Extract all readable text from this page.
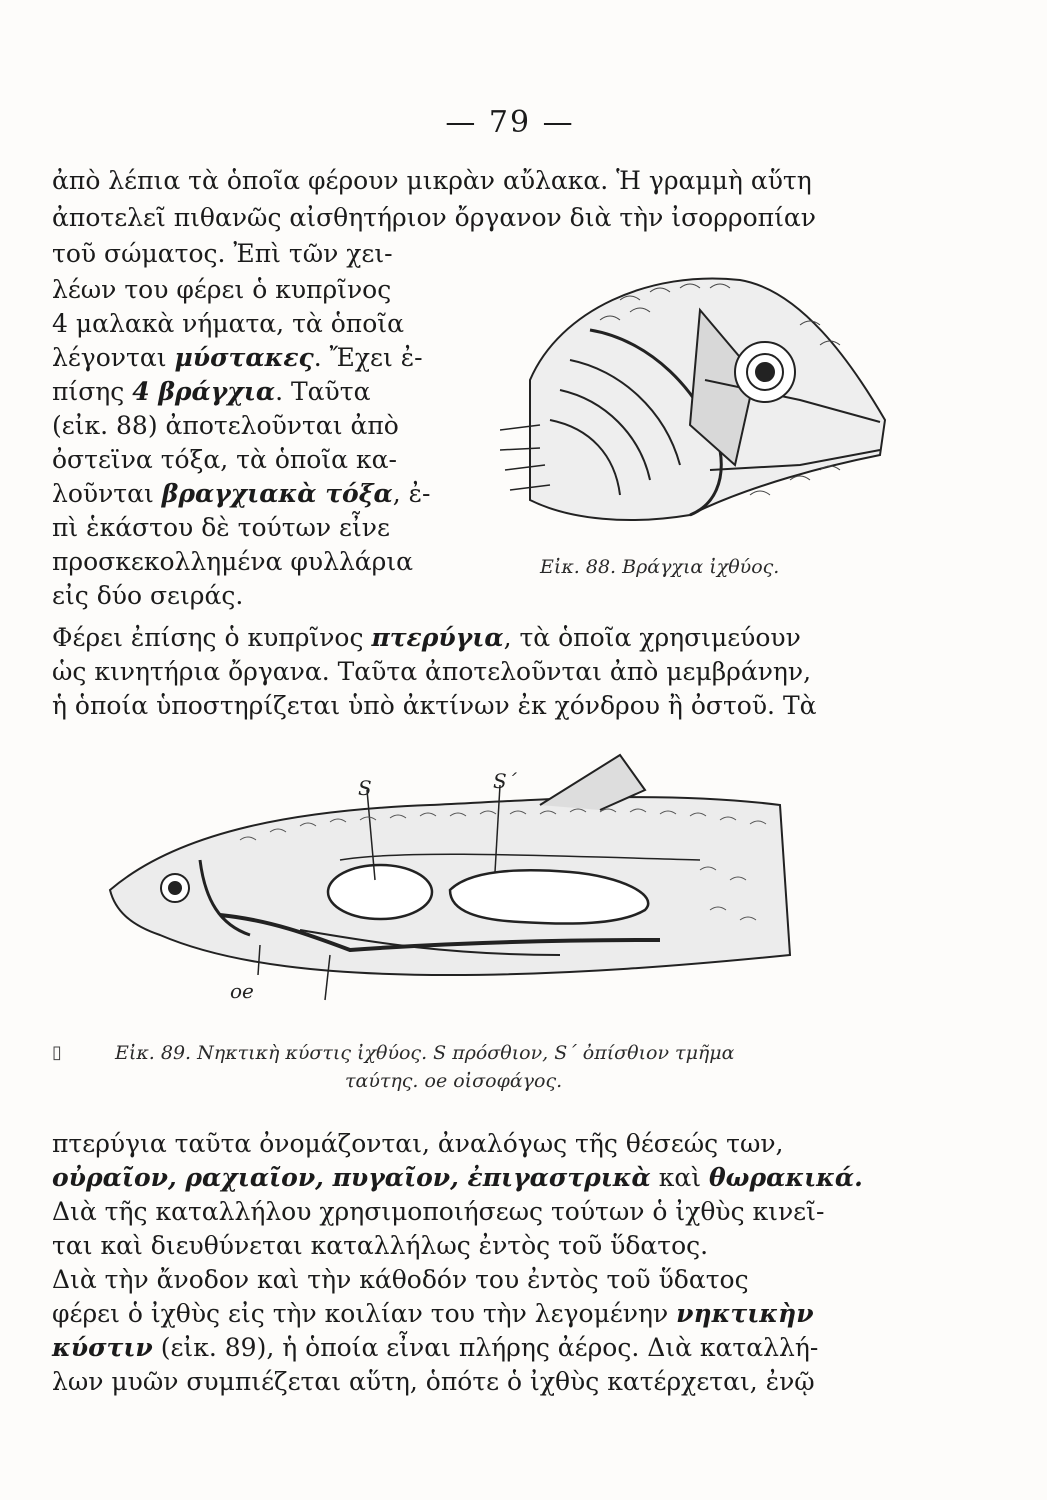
— 79 —
ἀπὸ λέπια τὰ ὁποῖα φέρουν μικρὰν αὔλακα. Ἡ γραμμὴ αὕτη
ἀποτελεῖ πιθανῶς αἰσθητήριον ὄργανον διὰ τὴν ἰσορροπίαν
τοῦ σώματος. Ἐπὶ τῶν χει-
λέων του φέρει ὁ κυπρῖνος
4 μαλακὰ νήματα, τὰ ὁποῖα
λέγονται μύστακες. Ἔχει ἐ-
πίσης 4 βράγχια. Ταῦτα
(εἰκ. 88) ἀποτελοῦνται ἀπὸ
ὀστεϊνα τόξα, τὰ ὁποῖα κα-
λοῦνται βραγχιακὰ τόξα, ἐ-
πὶ ἑκάστου δὲ τούτων εἶνε
προσκεκολλημένα φυλλάρια
εἰς δύο σειράς.
Εἰκ. 88. Βράγχια ἰχθύος.
Φέρει ἐπίσης ὁ κυπρῖνος πτερύγια, τὰ ὁποῖα χρησιμεύουν
ὡς κινητήρια ὄργανα. Ταῦτα ἀποτελοῦνται ἀπὸ μεμβράνην,
ἡ ὁποία ὑποστηρίζεται ὑπὸ ἀκτίνων ἐκ χόνδρου ἢ ὀστοῦ. Τὰ
S	S´
oe
▯	Εἰκ. 89. Νηκτικὴ κύστις ἰχθύος. S πρόσθιον, S´ ὀπίσθιον τμῆμα
ταύτης. oe οἰσοφάγος.
πτερύγια ταῦτα ὀνομάζονται, ἀναλόγως τῆς θέσεώς των,
οὐραῖον, ραχιαῖον, πυγαῖον, ἐπιγαστρικὰ καὶ θωρακικά.
Διὰ τῆς καταλλήλου χρησιμοποιήσεως τούτων ὁ ἰχθὺς κινεῖ-
ται καὶ διευθύνεται καταλλήλως ἐντὸς τοῦ ὕδατος.
Διὰ τὴν ἄνοδον καὶ τὴν κάθοδόν του ἐντὸς τοῦ ὕδατος
φέρει ὁ ἰχθὺς εἰς τὴν κοιλίαν του τὴν λεγομένην νηκτικὴν
κύστιν (εἰκ. 89), ἡ ὁποία εἶναι πλήρης ἀέρος. Διὰ καταλλή-
λων μυῶν συμπιέζεται αὕτη, ὁπότε ὁ ἰχθὺς κατέρχεται, ἐνῷ
